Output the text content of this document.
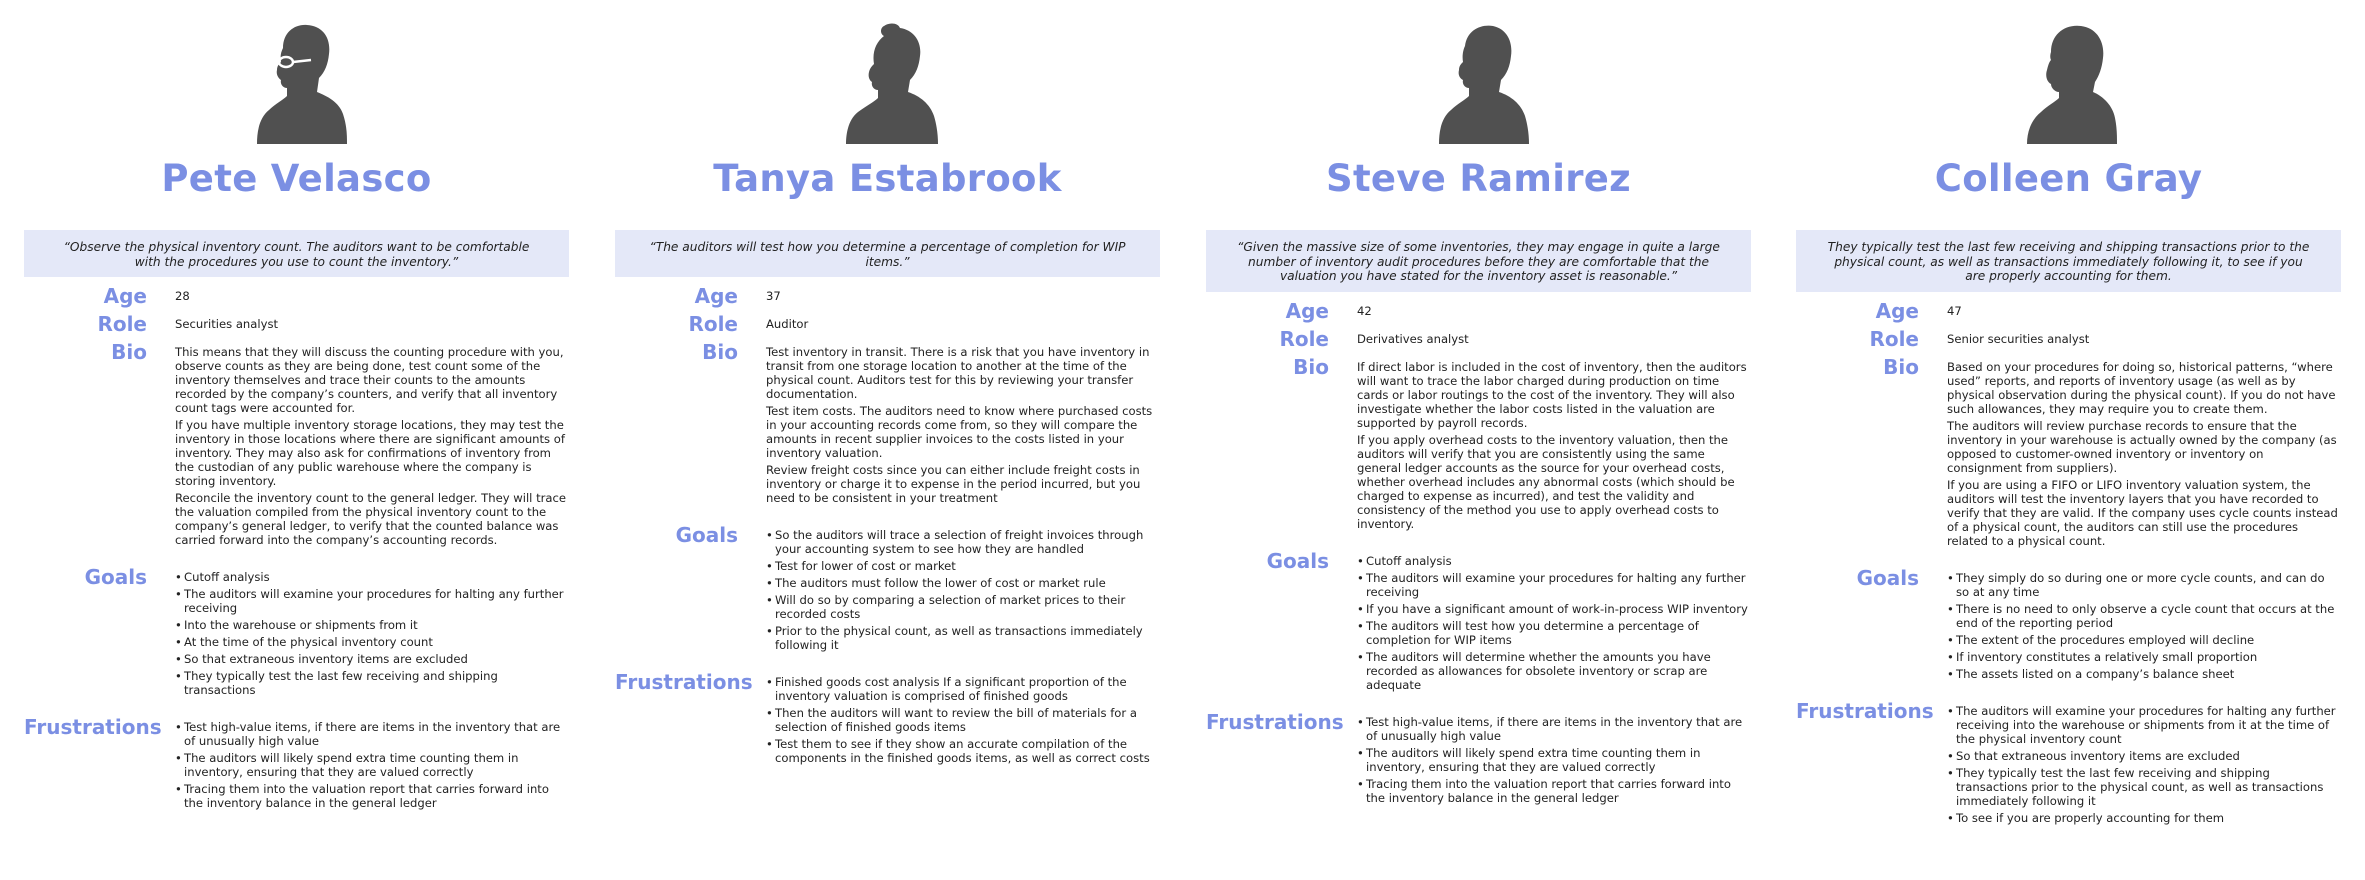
Pete Velasco
“Observe the physical inventory count. The auditors want to be comfortable with the procedures you use to count the inventory.”
Age 28
Role Securities analyst
Bio This means that they will discuss the counting procedure with you, observe counts as they are being done, test count some of the inventory themselves and trace their counts to the amounts recorded by the company’s counters, and verify that all inventory count tags were accounted for.

If you have multiple inventory storage locations, they may test the inventory in those locations where there are significant amounts of inventory. They may also ask for confirmations of inventory from the custodian of any public warehouse where the company is storing inventory.

Reconcile the inventory count to the general ledger. They will trace the valuation compiled from the physical inventory count to the company’s general ledger, to verify that the counted balance was carried forward into the company’s accounting records.

Goals	• Cutoff analysis
• The auditors will examine your procedures for halting any further receiving
• Into the warehouse or shipments from it
• At the time of the physical inventory count
• So that extraneous inventory items are excluded
• They typically test the last few receiving and shipping transactions
Frustrations	• Test high-value items, if there are items in the inventory that are of unusually high value
• The auditors will likely spend extra time counting them in inventory, ensuring that they are valued correctly
• Tracing them into the valuation report that carries forward into the inventory balance in the general ledger
Tanya Estabrook
“The auditors will test how you determine a percentage of completion for WIP items.”
Age 37
Role Auditor
Bio Test inventory in transit. There is a risk that you have inventory in transit from one storage location to another at the time of the physical count. Auditors test for this by reviewing your transfer documentation.

Test item costs. The auditors need to know where purchased costs in your accounting records come from, so they will compare the amounts in recent supplier invoices to the costs listed in your inventory valuation.

Review freight costs since you can either include freight costs in inventory or charge it to expense in the period incurred, but you need to be consistent in your treatment

Goals	• So the auditors will trace a selection of freight invoices through your accounting system to see how they are handled
• Test for lower of cost or market
• The auditors must follow the lower of cost or market rule
• Will do so by comparing a selection of market prices to their recorded costs
• Prior to the physical count, as well as transactions immediately following it
Frustrations	• Finished goods cost analysis If a significant proportion of the inventory valuation is comprised of finished goods
• Then the auditors will want to review the bill of materials for a selection of finished goods items
• Test them to see if they show an accurate compilation of the components in the finished goods items, as well as correct costs
Steve Ramirez
“Given the massive size of some inventories, they may engage in quite a large number of inventory audit procedures before they are comfortable that the valuation you have stated for the inventory asset is reasonable.”
Age 42
Role Derivatives analyst
Bio If direct labor is included in the cost of inventory, then the auditors will want to trace the labor charged during production on time cards or labor routings to the cost of the inventory. They will also investigate whether the labor costs listed in the valuation are supported by payroll records.

If you apply overhead costs to the inventory valuation, then the auditors will verify that you are consistently using the same general ledger accounts as the source for your overhead costs, whether overhead includes any abnormal costs (which should be charged to expense as incurred), and test the validity and consistency of the method you use to apply overhead costs to inventory.

Goals	• Cutoff analysis
• The auditors will examine your procedures for halting any further receiving
• If you have a significant amount of work-in-process WIP inventory
• The auditors will test how you determine a percentage of completion for WIP items
• The auditors will determine whether the amounts you have recorded as allowances for obsolete inventory or scrap are adequate
Frustrations	• Test high-value items, if there are items in the inventory that are of unusually high value
• The auditors will likely spend extra time counting them in inventory, ensuring that they are valued correctly
• Tracing them into the valuation report that carries forward into the inventory balance in the general ledger
Colleen Gray
They typically test the last few receiving and shipping transactions prior to the physical count, as well as transactions immediately following it, to see if you are properly accounting for them.
Age 47
Role Senior securities analyst
Bio Based on your procedures for doing so, historical patterns, “where used” reports, and reports of inventory usage (as well as by physical observation during the physical count). If you do not have such allowances, they may require you to create them.

The auditors will review purchase records to ensure that the inventory in your warehouse is actually owned by the company (as opposed to customer-owned inventory or inventory on consignment from suppliers).

If you are using a FIFO or LIFO inventory valuation system, the auditors will test the inventory layers that you have recorded to verify that they are valid. If the company uses cycle counts instead of a physical count, the auditors can still use the procedures related to a physical count.

Goals	• They simply do so during one or more cycle counts, and can do so at any time
• There is no need to only observe a cycle count that occurs at the end of the reporting period
• The extent of the procedures employed will decline
• If inventory constitutes a relatively small proportion
• The assets listed on a company’s balance sheet
Frustrations	• The auditors will examine your procedures for halting any further receiving into the warehouse or shipments from it at the time of the physical inventory count
• So that extraneous inventory items are excluded
• They typically test the last few receiving and shipping transactions prior to the physical count, as well as transactions immediately following it
• To see if you are properly accounting for them
